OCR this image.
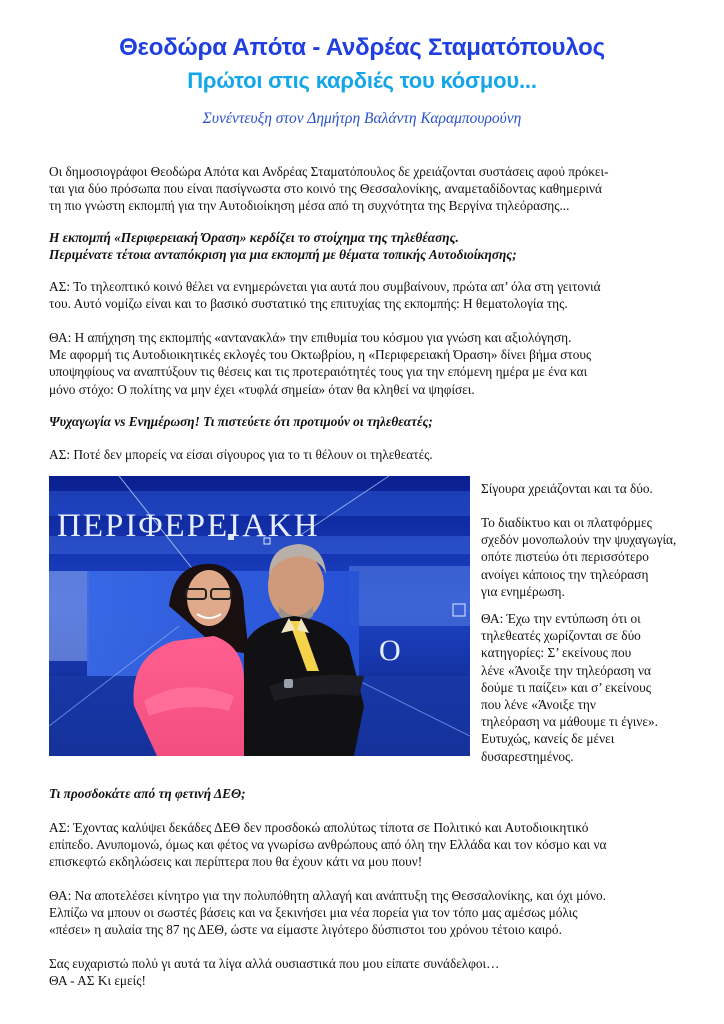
Θεοδώρα Απότα - Ανδρέας Σταματόπουλος
Πρώτοι στις καρδιές του κόσμου...
Συνέντευξη στον Δημήτρη Βαλάντη Καραμπουρούνη
Οι δημοσιογράφοι Θεοδώρα Απότα και Ανδρέας Σταματόπουλος δε χρειάζονται συστάσεις αφού πρόκει-
ται για δύο πρόσωπα που είναι πασίγνωστα στο κοινό της Θεσσαλονίκης, αναμεταδίδοντας καθημερινά
τη πιο γνώστη εκπομπή για την Αυτοδιοίκηση μέσα από τη συχνότητα της Βεργίνα τηλεόρασης...
Η εκπομπή «Περιφερειακή Όραση» κερδίζει το στοίχημα της τηλεθέασης.
Περιμένατε τέτοια ανταπόκριση για μια εκπομπή με θέματα τοπικής Αυτοδιοίκησης;
ΑΣ: Το τηλεοπτικό κοινό θέλει να ενημερώνεται για αυτά που συμβαίνουν, πρώτα απ’ όλα στη γειτονιά
του. Αυτό νομίζω είναι και το βασικό συστατικό της επιτυχίας της εκπομπής: Η θεματολογία της.
ΘΑ: Η απήχηση της εκπομπής «αντανακλά» την επιθυμία του κόσμου για γνώση και αξιολόγηση.
Με αφορμή τις Αυτοδιοικητικές εκλογές του Οκτωβρίου, η «Περιφερειακή Όραση» δίνει βήμα στους
υποψηφίους να αναπτύξουν τις θέσεις και τις προτεραιότητές τους για την επόμενη ημέρα με ένα και
μόνο στόχο: Ο πολίτης να μην έχει «τυφλά σημεία» όταν θα κληθεί να ψηφίσει.
Ψυχαγωγία vs Ενημέρωση! Τι πιστεύετε ότι προτιμούν οι τηλεθεατές;
ΑΣ: Ποτέ δεν μπορείς να είσαι σίγουρος για το τι θέλουν οι τηλεθεατές.
ΠΕΡΙΦΕΡΕΙΑΚΗ
Ο
Σίγουρα χρειάζονται και τα δύο.
Το διαδίκτυο και οι πλατφόρμες
σχεδόν μονοπωλούν την ψυχαγωγία,
οπότε πιστεύω ότι περισσότερο
ανοίγει κάποιος την τηλεόραση
για ενημέρωση.
ΘΑ: Έχω την εντύπωση ότι οι
τηλεθεατές χωρίζονται σε δύο
κατηγορίες: Σ’ εκείνους που
λένε «Άνοιξε την τηλεόραση να
δούμε τι παίζει» και σ’ εκείνους
που λένε «Άνοιξε την
τηλεόραση να μάθουμε τι έγινε».
Ευτυχώς, κανείς δε μένει
δυσαρεστημένος.
Τι προσδοκάτε από τη φετινή ΔΕΘ;
ΑΣ: Έχοντας καλύψει δεκάδες ΔΕΘ δεν προσδοκώ απολύτως τίποτα σε Πολιτικό και Αυτοδιοικητικό
επίπεδο. Ανυπομονώ, όμως και φέτος να γνωρίσω ανθρώπους από όλη την Ελλάδα και τον κόσμο και να
επισκεφτώ εκδηλώσεις και περίπτερα που θα έχουν κάτι να μου πουν!
ΘΑ: Να αποτελέσει κίνητρο για την πολυπόθητη αλλαγή και ανάπτυξη της Θεσσαλονίκης, και όχι μόνο.
Ελπίζω να μπουν οι σωστές βάσεις και να ξεκινήσει μια νέα πορεία για τον τόπο μας αμέσως μόλις
«πέσει» η αυλαία της 87 ης ΔΕΘ, ώστε να είμαστε λιγότερο δύσπιστοι του χρόνου τέτοιο καιρό.
Σας ευχαριστώ πολύ γι αυτά τα λίγα αλλά ουσιαστικά που μου είπατε συνάδελφοι…
ΘΑ - ΑΣ Κι εμείς!
